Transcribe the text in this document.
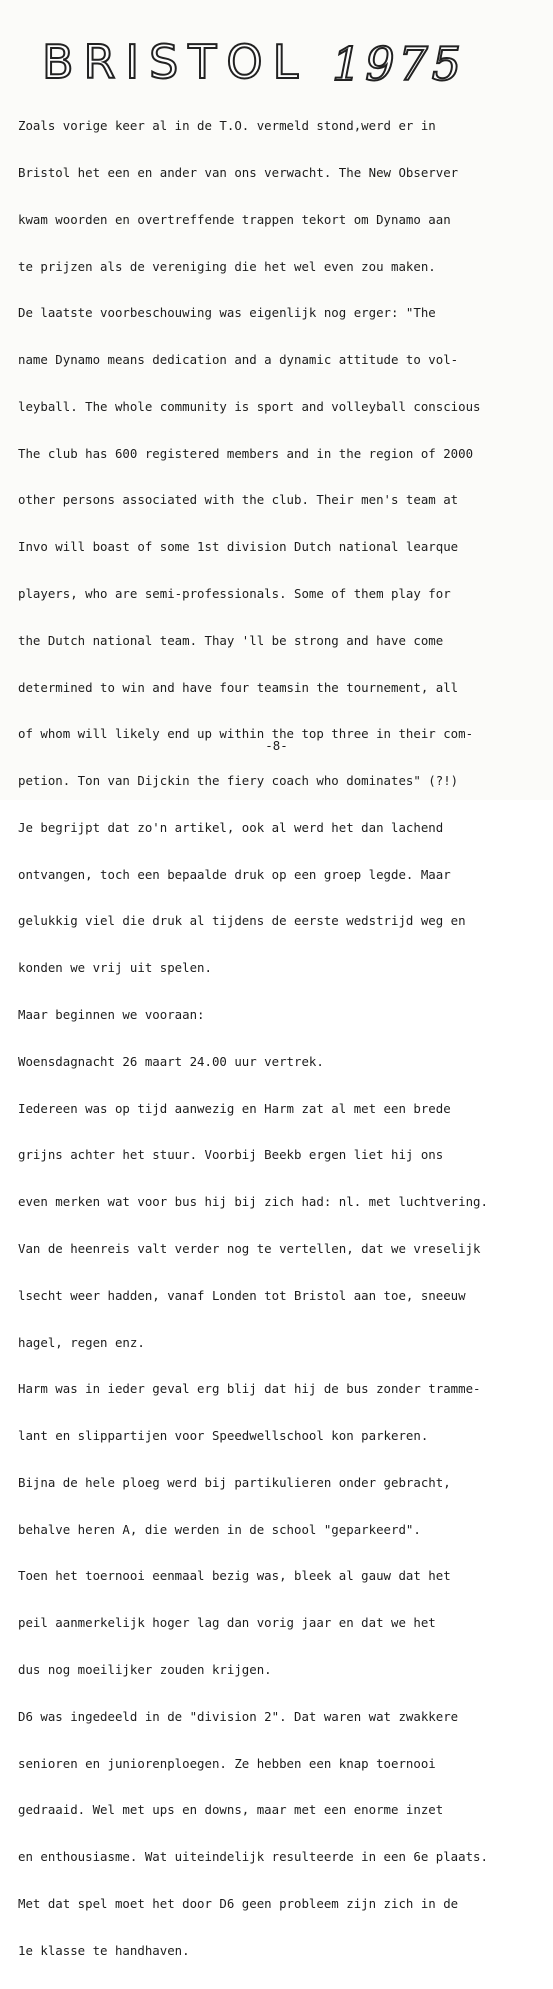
BRISTOL 1975

Zoals vorige keer al in de T.O. vermeld stond,werd er in

Bristol het een en ander van ons verwacht. The New Observer

kwam woorden en overtreffende trappen tekort om Dynamo aan

te prijzen als de vereniging die het wel even zou maken.

De laatste voorbeschouwing was eigenlijk nog erger: "The

name Dynamo means dedication and a dynamic attitude to vol-

leyball. The whole community is sport and volleyball conscious

The club has 600 registered members and in the region of 2000

other persons associated with the club. Their men's team at

Invo will boast of some 1st division Dutch national learque

players, who are semi-professionals. Some of them play for

the Dutch national team. Thay 'll be strong and have come

determined to win and have four teamsin the tournement, all

of whom will likely end up within the top three in their com-

petion. Ton van Dijckin the fiery coach who dominates" (?!)

Je begrijpt dat zo'n artikel, ook al werd het dan lachend

ontvangen, toch een bepaalde druk op een groep legde. Maar

gelukkig viel die druk al tijdens de eerste wedstrijd weg en

konden we vrij uit spelen.

Maar beginnen we vooraan:

Woensdagnacht 26 maart 24.00 uur vertrek.

Iedereen was op tijd aanwezig en Harm zat al met een brede

grijns achter het stuur. Voorbij Beekb ergen liet hij ons

even merken wat voor bus hij bij zich had: nl. met luchtvering.

Van de heenreis valt verder nog te vertellen, dat we vreselijk

lsecht weer hadden, vanaf Londen tot Bristol aan toe, sneeuw

hagel, regen enz.

Harm was in ieder geval erg blij dat hij de bus zonder tramme-

lant en slippartijen voor Speedwellschool kon parkeren.

Bijna de hele ploeg werd bij partikulieren onder gebracht,

behalve heren A, die werden in de school "geparkeerd".

Toen het toernooi eenmaal bezig was, bleek al gauw dat het

peil aanmerkelijk hoger lag dan vorig jaar en dat we het

dus nog moeilijker zouden krijgen.

D6 was ingedeeld in de "division 2". Dat waren wat zwakkere

senioren en juniorenploegen. Ze hebben een knap toernooi

gedraaid. Wel met ups en downs, maar met een enorme inzet

en enthousiasme. Wat uiteindelijk resulteerde in een 6e plaats.

Met dat spel moet het door D6 geen probleem zijn zich in de

1e klasse te handhaven.

-8-
